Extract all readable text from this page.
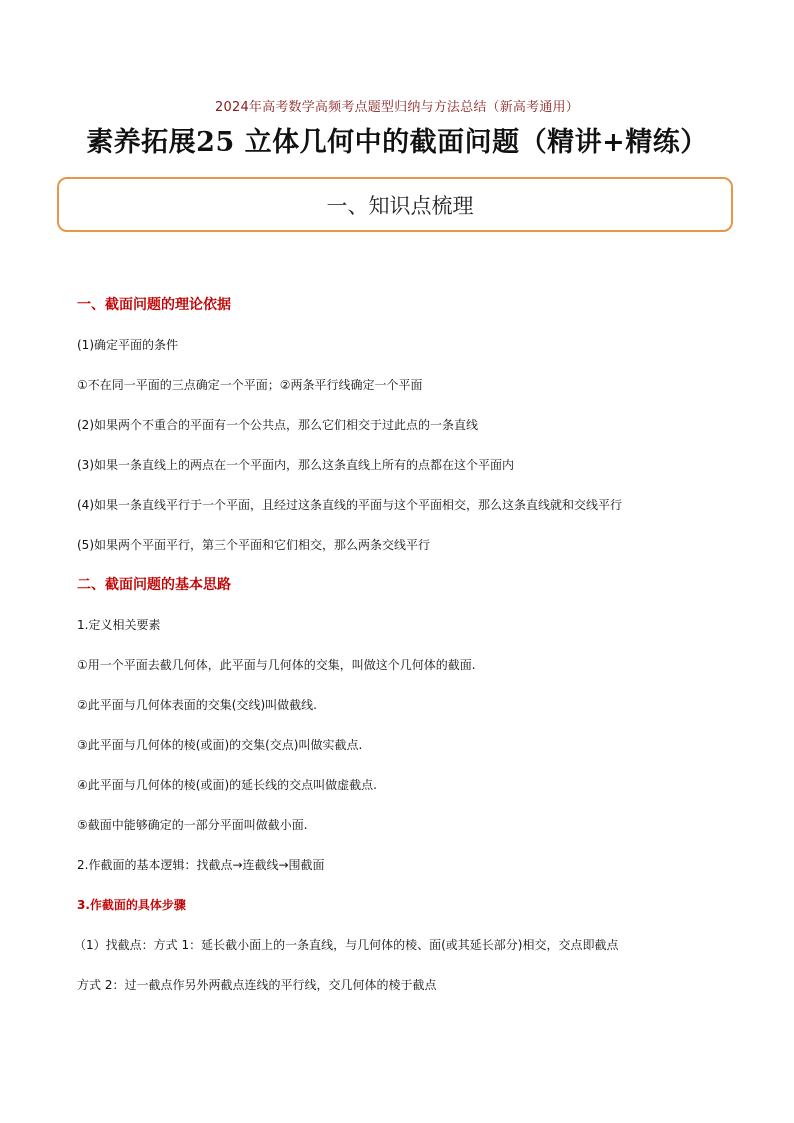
2024年高考数学高频考点题型归纳与方法总结（新高考通用）
素养拓展25 立体几何中的截面问题（精讲+精练）
一、知识点梳理
一、截面问题的理论依据
(1)确定平面的条件
①不在同一平面的三点确定一个平面；②两条平行线确定一个平面
(2)如果两个不重合的平面有一个公共点，那么它们相交于过此点的一条直线
(3)如果一条直线上的两点在一个平面内，那么这条直线上所有的点都在这个平面内
(4)如果一条直线平行于一个平面，且经过这条直线的平面与这个平面相交，那么这条直线就和交线平行
(5)如果两个平面平行，第三个平面和它们相交，那么两条交线平行
二、截面问题的基本思路
1.定义相关要素
①用一个平面去截几何体，此平面与几何体的交集，叫做这个几何体的截面.
②此平面与几何体表面的交集(交线)叫做截线.
③此平面与几何体的棱(或面)的交集(交点)叫做实截点.
④此平面与几何体的棱(或面)的延长线的交点叫做虚截点.
⑤截面中能够确定的一部分平面叫做截小面.
2.作截面的基本逻辑：找截点→连截线→围截面
3.作截面的具体步骤
（1）找截点：方式 1：延长截小面上的一条直线，与几何体的棱、面(或其延长部分)相交，交点即截点
方式 2：过一截点作另外两截点连线的平行线，交几何体的棱于截点
